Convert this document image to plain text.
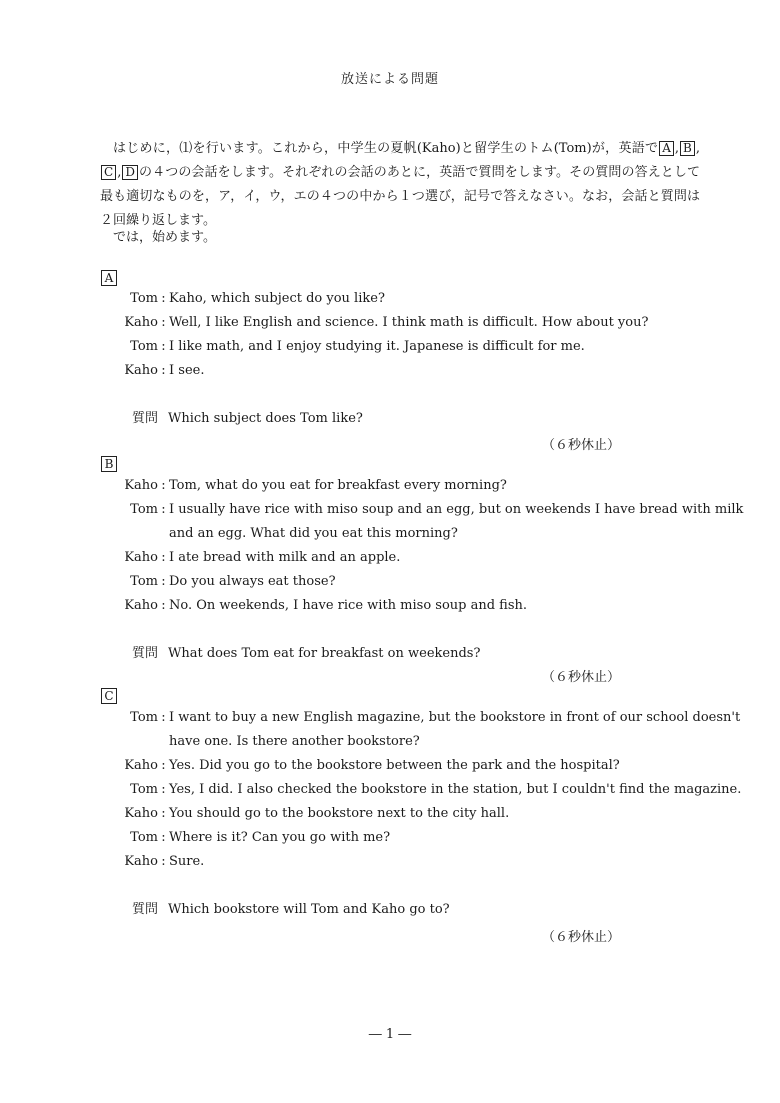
放送による問題
はじめに，⑴を行います。これから，中学生の夏帆(Kaho)と留学生のトム(Tom)が，英語で A , B ,C , D の４つの会話をします。それぞれの会話のあとに，英語で質問をします。その質問の答えとして最も適切なものを，ア，イ，ウ，エの４つの中から１つ選び，記号で答えなさい。なお，会話と質問は２回繰り返します。
では，始めます。
A
Tom : Kaho, which subject do you like?
Kaho : Well, I like English and science. I think math is difficult. How about you?
Tom : I like math, and I enjoy studying it. Japanese is difficult for me.
Kaho : I see.
質問 Which subject does Tom like?
（６秒休止）
B
Kaho : Tom, what do you eat for breakfast every morning?
Tom : I usually have rice with miso soup and an egg, but on weekends I have bread with milk
and an egg. What did you eat this morning?
Kaho : I ate bread with milk and an apple.
Tom : Do you always eat those?
Kaho : No. On weekends, I have rice with miso soup and fish.
質問 What does Tom eat for breakfast on weekends?
（６秒休止）
C
Tom : I want to buy a new English magazine, but the bookstore in front of our school doesn't
have one. Is there another bookstore?
Kaho : Yes. Did you go to the bookstore between the park and the hospital?
Tom : Yes, I did. I also checked the bookstore in the station, but I couldn't find the magazine.
Kaho : You should go to the bookstore next to the city hall.
Tom : Where is it? Can you go with me?
Kaho : Sure.
質問 Which bookstore will Tom and Kaho go to?
（６秒休止）
― 1 ―
